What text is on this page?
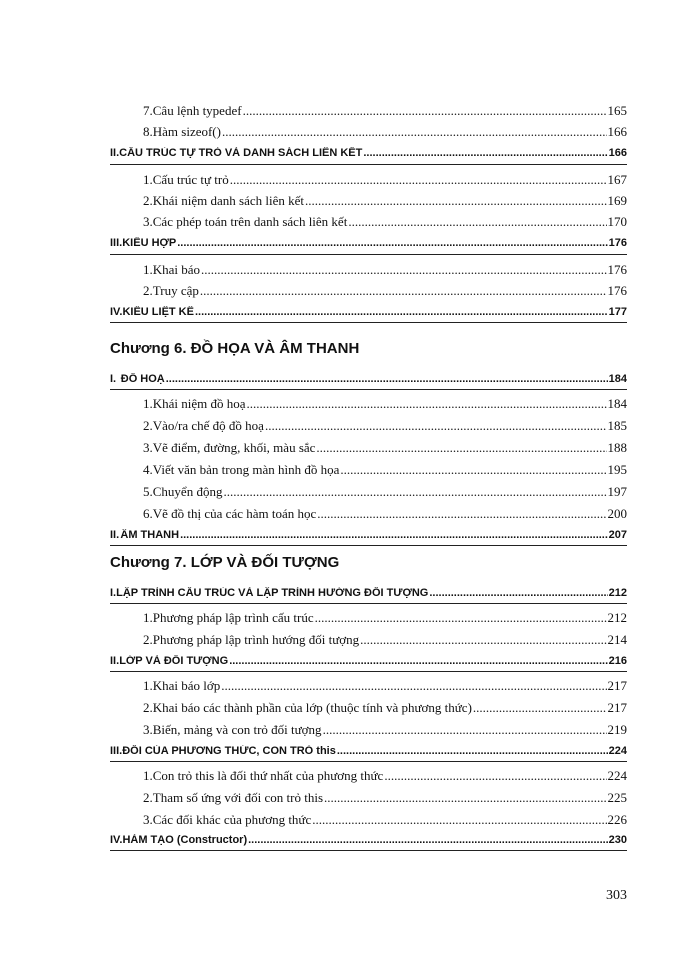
7. Câu lệnh typedef .....	165
8. Hàm sizeof() .....	166
II. CẤU TRÚC TỰ TRỎ VÀ DANH SÁCH LIÊN KẾT .....	166
1. Cấu trúc tự trỏ .....	167
2. Khái niệm danh sách liên kết .....	169
3. Các phép toán trên danh sách liên kết .....	170
III. KIỂU HỢP .....	176
1. Khai báo .....	176
2. Truy cập .....	176
IV. KIỂU LIỆT KÊ .....	177
Chương 6. ĐỒ HỌA VÀ ÂM THANH
I. ĐỒ HOẠ .....	184
1. Khái niệm đồ hoạ .....	184
2. Vào/ra chế độ đồ hoạ .....	185
3. Vẽ điểm, đường, khối, màu sắc .....	188
4. Viết văn bản trong màn hình đồ họa .....	195
5. Chuyển động .....	197
6. Vẽ đồ thị của các hàm toán học .....	200
II. ÂM THANH .....	207
Chương 7. LỚP VÀ ĐỐI TƯỢNG
I. LẬP TRÌNH CẤU TRÚC VÀ LẬP TRÌNH HƯỚNG ĐỐI TƯỢNG .....	212
1. Phương pháp lập trình cấu trúc .....	212
2. Phương pháp lập trình hướng đối tượng .....	214
II. LỚP VÀ ĐỐI TƯỢNG .....	216
1. Khai báo lớp .....	217
2. Khai báo các thành phần của lớp (thuộc tính và phương thức) .....	217
3. Biến, mảng và con trỏ đối tượng .....	219
III. ĐỐI CỦA PHƯƠNG THỨC, CON TRỎ this .....	224
1. Con trỏ this là đối thứ nhất của phương thức .....	224
2. Tham số ứng với đối con trỏ this .....	225
3. Các đối khác của phương thức .....	226
IV. HÀM TẠO (Constructor) .....	230
303
